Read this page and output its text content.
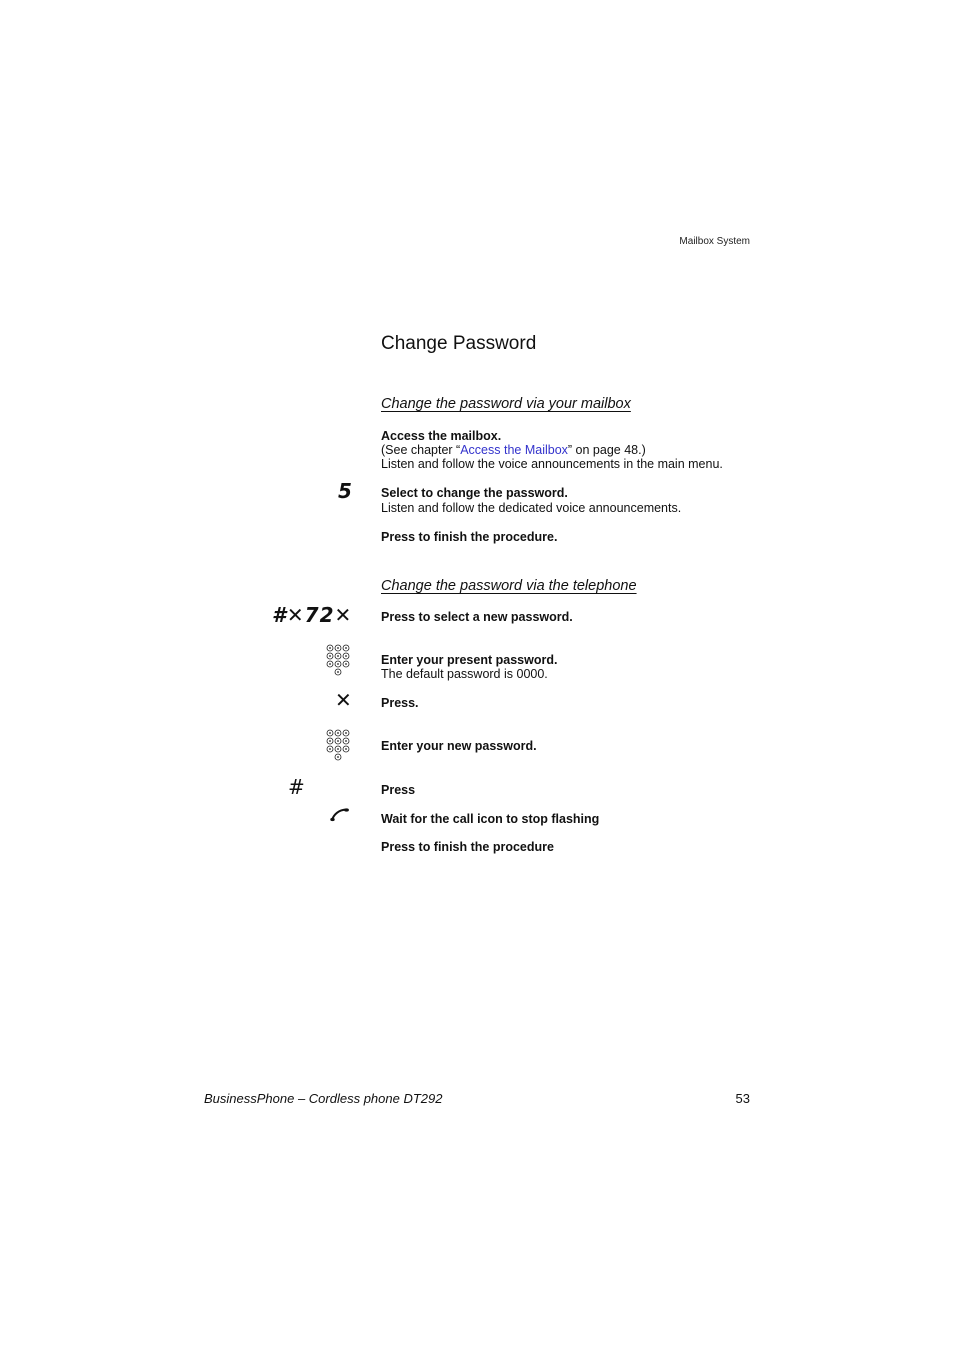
Mailbox System
Change Password
Change the password via your mailbox
Access the mailbox.
(See chapter “Access the Mailbox” on page 48.)
Listen and follow the voice announcements in the main menu.
5 Select to change the password.
Listen and follow the dedicated voice announcements.
Press to finish the procedure.
Change the password via the telephone
#✕72✕ Press to select a new password.
Enter your present password.
The default password is 0000.
✕ Press.
Enter your new password.
#	Press
Wait for the call icon to stop flashing
Press to finish the procedure
BusinessPhone – Cordless phone DT292	53
